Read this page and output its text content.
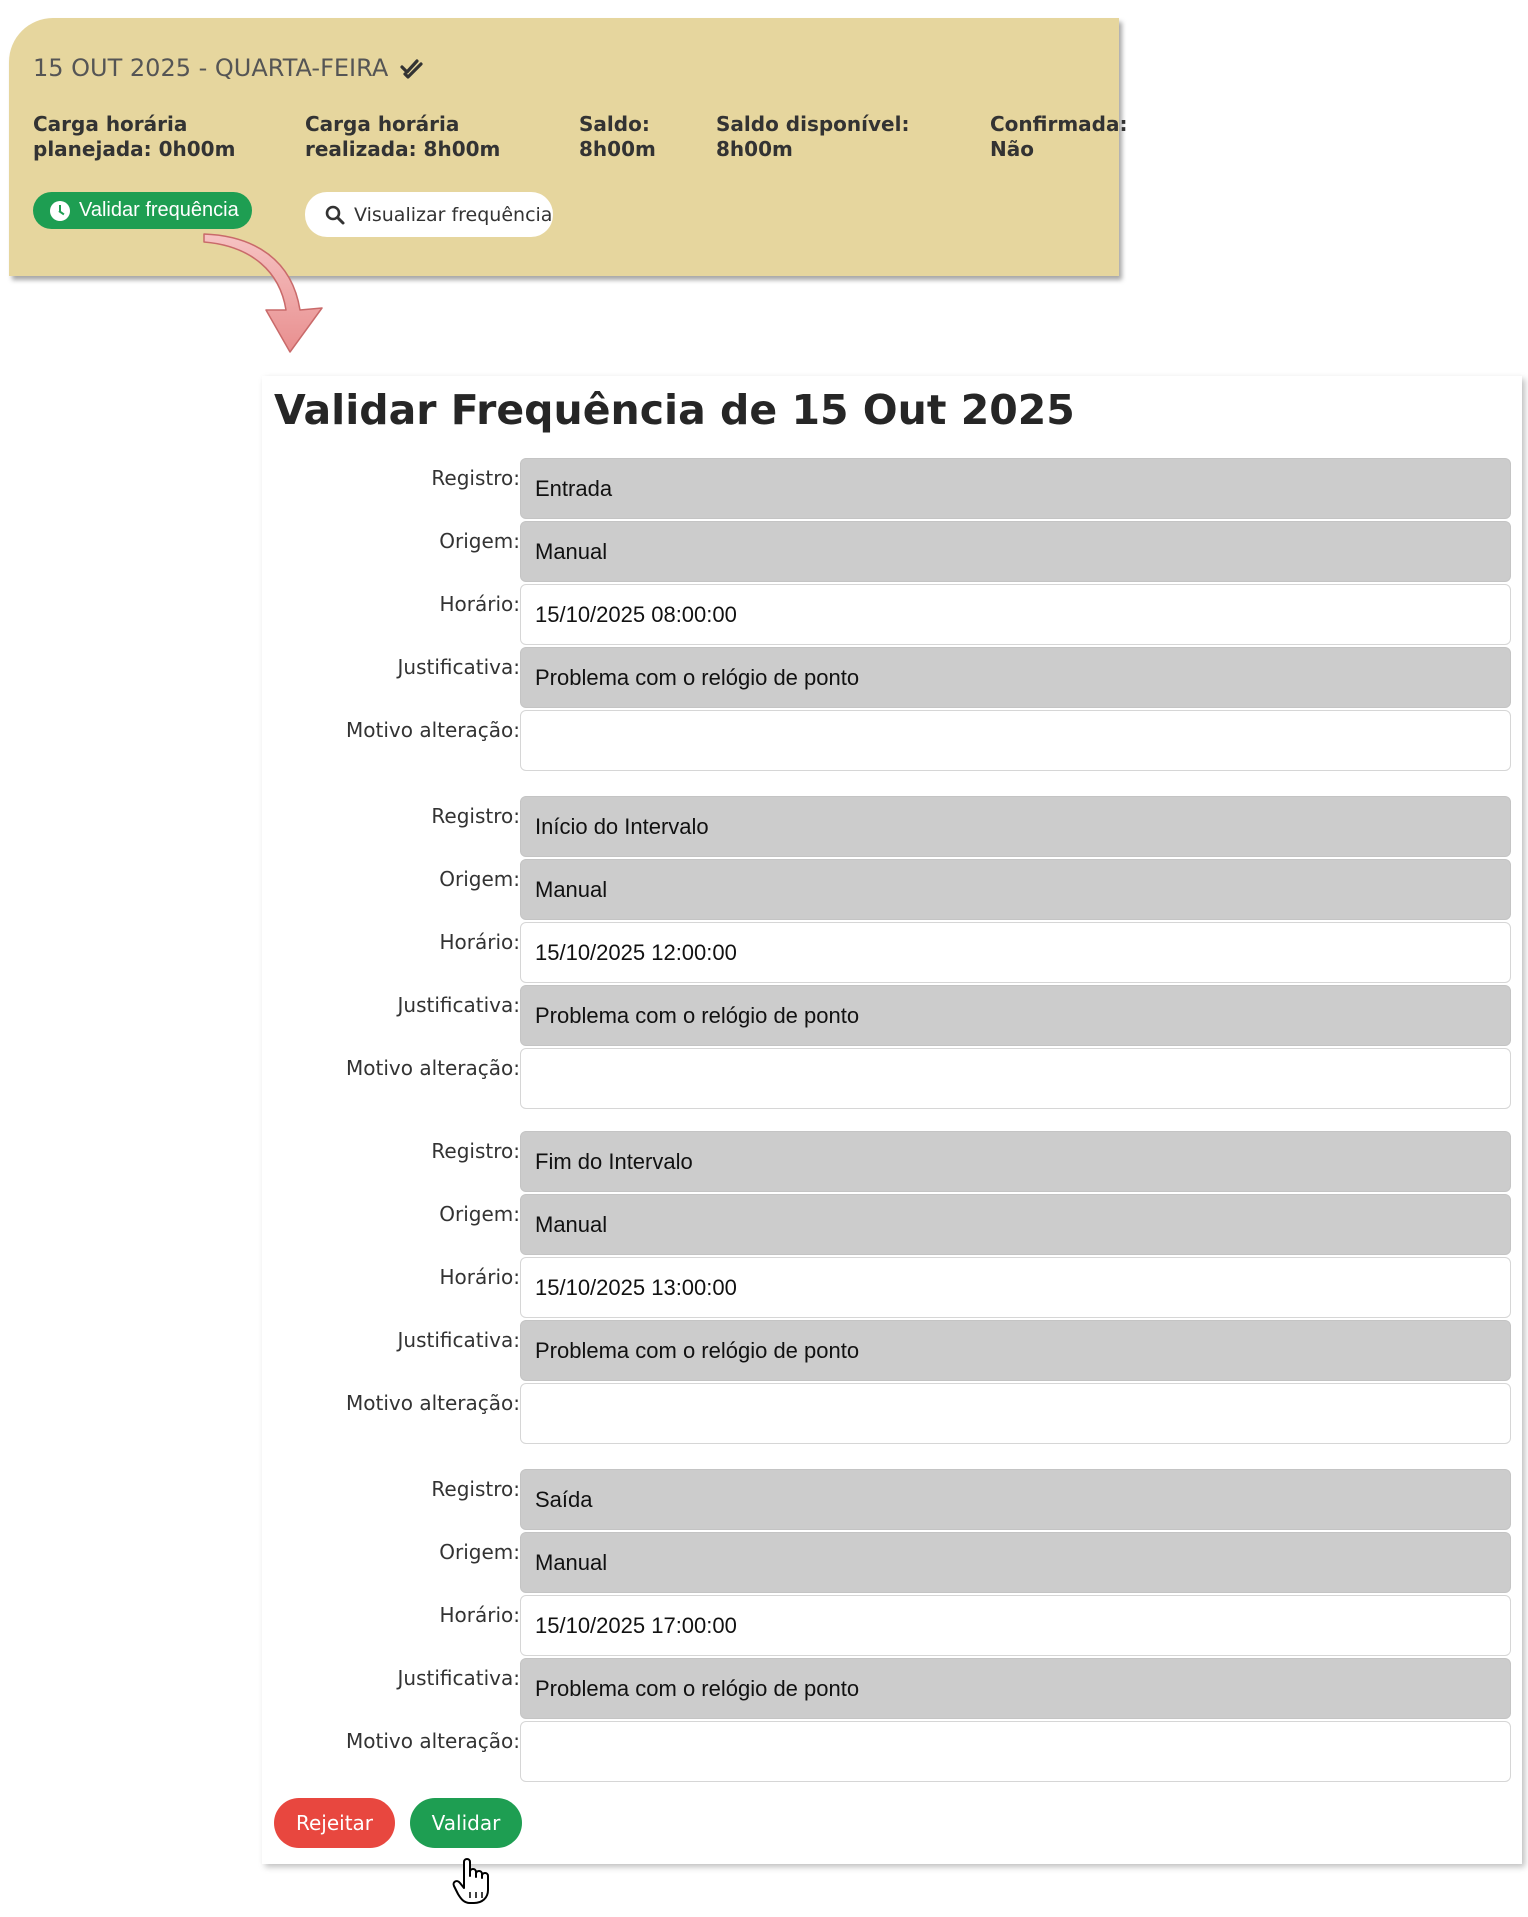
15 OUT 2025 - QUARTA-FEIRA
Carga horária
planejada: 0h00m
Carga horária
realizada: 8h00m
Saldo:
8h00m
Saldo disponível:
8h00m
Confirmada:
Não
Validar frequência	Visualizar frequência
Validar Frequência de 15 Out 2025
Registro: Entrada
Origem: Manual
Horário: 15/10/2025 08:00:00
Justificativa: Problema com o relógio de ponto
Motivo alteração:
Registro: Início do Intervalo
Origem: Manual
Horário: 15/10/2025 12:00:00
Justificativa: Problema com o relógio de ponto
Motivo alteração:
Registro: Fim do Intervalo
Origem: Manual
Horário: 15/10/2025 13:00:00
Justificativa: Problema com o relógio de ponto
Motivo alteração:
Registro: Saída
Origem: Manual
Horário: 15/10/2025 17:00:00
Justificativa: Problema com o relógio de ponto
Motivo alteração:
Rejeitar	Validar
